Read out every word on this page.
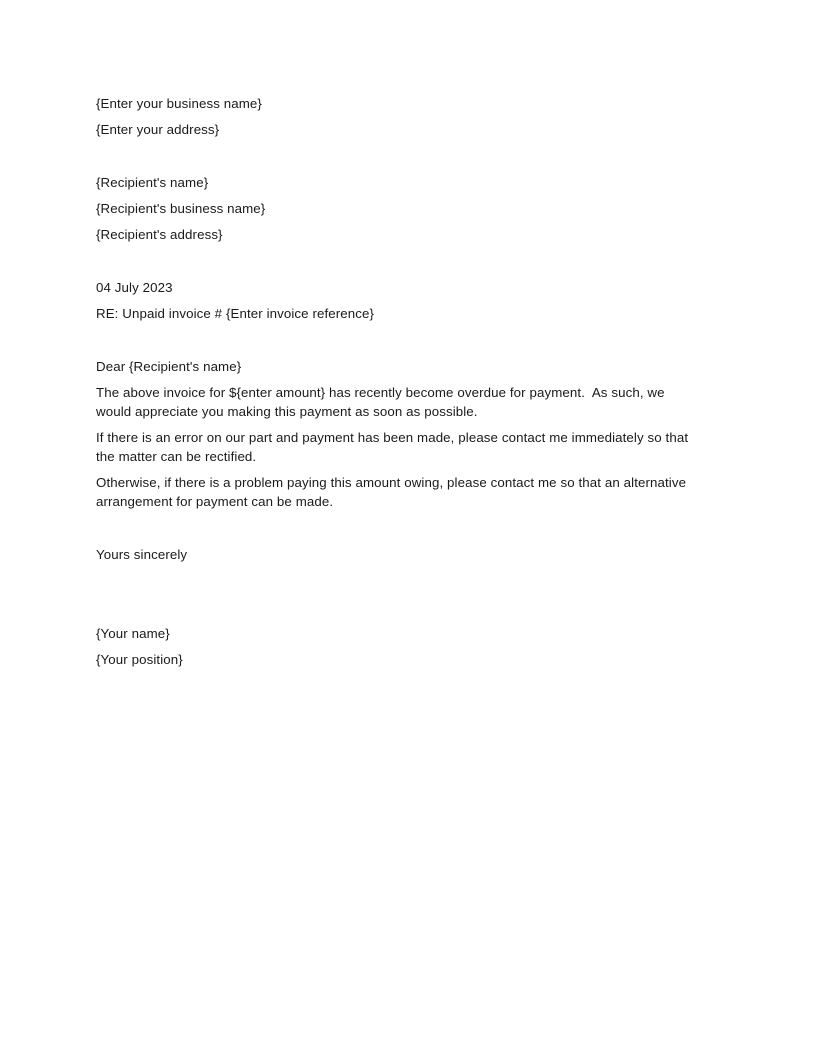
{Enter your business name}
{Enter your address}
{Recipient's name}
{Recipient's business name}
{Recipient's address}
04 July 2023
RE: Unpaid invoice # {Enter invoice reference}
Dear {Recipient's name}
The above invoice for ${enter amount} has recently become overdue for payment.  As such, we would appreciate you making this payment as soon as possible.
If there is an error on our part and payment has been made, please contact me immediately so that the matter can be rectified.
Otherwise, if there is a problem paying this amount owing, please contact me so that an alternative arrangement for payment can be made.
Yours sincerely
{Your name}
{Your position}
